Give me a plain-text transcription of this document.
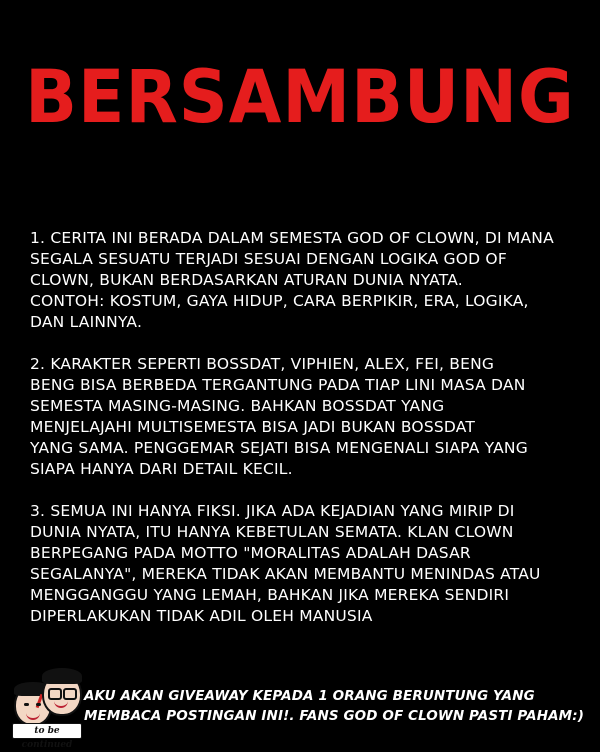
BERSAMBUNG

1. CERITA INI BERADA DALAM SEMESTA GOD OF CLOWN, DI MANA
SEGALA SESUATU TERJADI SESUAI DENGAN LOGIKA GOD OF
CLOWN, BUKAN BERDASARKAN ATURAN DUNIA NYATA.
CONTOH: KOSTUM, GAYA HIDUP, CARA BERPIKIR, ERA, LOGIKA,
DAN LAINNYA.

2. KARAKTER SEPERTI BOSSDAT, VIPHIEN, ALEX, FEI, BENG
BENG BISA BERBEDA TERGANTUNG PADA TIAP LINI MASA DAN
SEMESTA MASING-MASING. BAHKAN BOSSDAT YANG
MENJELAJAHI MULTISEMESTA BISA JADI BUKAN BOSSDAT
YANG SAMA. PENGGEMAR SEJATI BISA MENGENALI SIAPA YANG
SIAPA HANYA DARI DETAIL KECIL.

3. SEMUA INI HANYA FIKSI. JIKA ADA KEJADIAN YANG MIRIP DI
DUNIA NYATA, ITU HANYA KEBETULAN SEMATA. KLAN CLOWN
BERPEGANG PADA MOTTO "MORALITAS ADALAH DASAR
SEGALANYA", MEREKA TIDAK AKAN MEMBANTU MENINDAS ATAU
MENGGANGGU YANG LEMAH, BAHKAN JIKA MEREKA SENDIRI
DIPERLAKUKAN TIDAK ADIL OLEH MANUSIA

to be continued
AKU AKAN GIVEAWAY KEPADA 1 ORANG BERUNTUNG YANG
MEMBACA POSTINGAN INI!. FANS GOD OF CLOWN PASTI PAHAM:)
